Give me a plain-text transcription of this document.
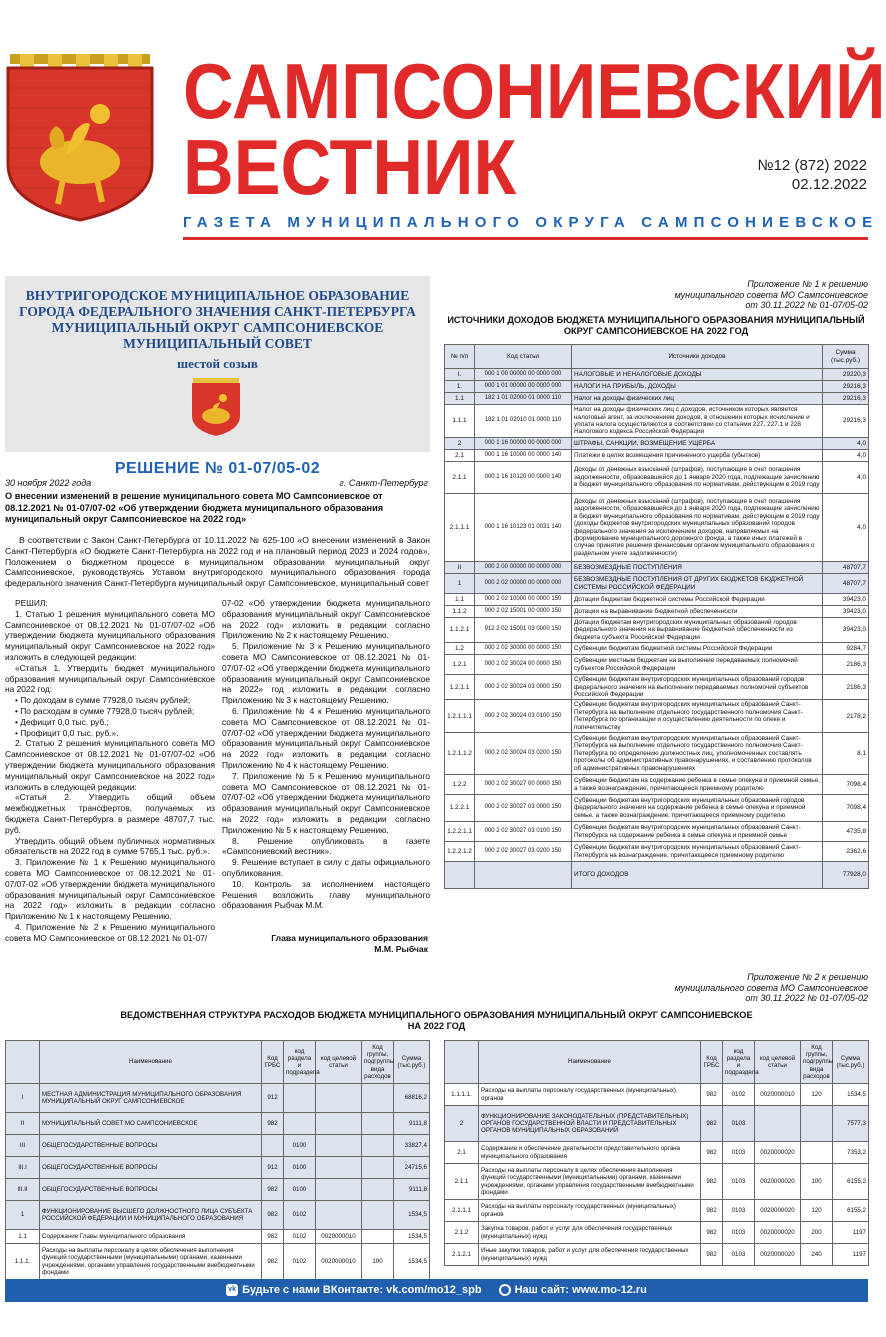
САМПСОНИЕВСКИЙ
ВЕСТНИК	№12 (872) 2022
02.12.2022
ГАЗЕТА МУНИЦИПАЛЬНОГО ОКРУГА САМПСОНИЕВСКОЕ
ВНУТРИГОРОДСКОЕ МУНИЦИПАЛЬНОЕ ОБРАЗОВАНИЕ
ГОРОДА ФЕДЕРАЛЬНОГО ЗНАЧЕНИЯ САНКТ-ПЕТЕРБУРГА
МУНИЦИПАЛЬНЫЙ ОКРУГ САМПСОНИЕВСКОЕ
МУНИЦИПАЛЬНЫЙ СОВЕТ
шестой созыв
РЕШЕНИЕ № 01-07/05-02
30 ноября 2022 года	г. Санкт-Петербург
О внесении изменений в решение муниципального совета МО Сампсониевское от 08.12.2021 № 01-07/07-02 «Об утверждении бюджета муниципального образования муниципальный округ Сампсониевское на 2022 год»
В соответствии с Закон Санкт-Петербурга от 10.11.2022 № 625-100 «О внесении изменений в Закон Санкт-Петербурга «О бюджете Санкт-Петербурга на 2022 год и на плановый период 2023 и 2024 годов», Положением о бюджетном процессе в муниципальном образовании муниципальный округ Сампсониевское, руководствуясь Уставом внутригородского муниципального образования города федерального значения Санкт-Петербурга муниципальный округ Сампсониевское, муниципальный совет
РЕШИЛ:

1. Статью 1 решения муниципального совета МО Сампсониевское от 08.12.2021 № 01-07/07-02 «Об утверждении бюджета муниципального образования муниципальный округ Сампсониевское на 2022 год» изложить в следующей редакции:

«Статья 1. Утвердить бюджет муниципального образования муниципальный округ Сампсониевское на 2022 год:

• По доходам в сумме 77928,0 тысяч рублей;
• По расходам в сумме 77928,0 тысяч рублей;
• Дефицит 0,0 тыс. руб.;
• Профицит 0,0 тыс. руб.».

2. Статью 2 решения муниципального совета МО Сампсониевское от 08.12.2021 № 01-07/07-02 «Об утверждении бюджета муниципального образования муниципальный округ Сампсониевское на 2022 год» изложить в следующей редакции:

«Статья 2. Утвердить общий объем межбюджетных трансфертов, получаемых из бюджета Санкт-Петербурга в размере 48707,7 тыс. руб.

Утвердить общий объем публичных нормативных обязательств на 2022 год в сумме 5765,1 тыс. руб.».

3. Приложение № 1 к Решению муниципального совета МО Сампсониевское от 08.12.2021 № 01-07/07-02 «Об утверждении бюджета муниципального образования муниципальный округ Сампсониевское на 2022 год» изложить в редакции согласно Приложению № 1 к настоящему Решению.

4. Приложение № 2 к Решению муниципального совета МО Сампсониевское от 08.12.2021 № 01-07/

07-02 «Об утверждении бюджета муниципального образования муниципальный округ Сампсониевское на 2022 год» изложить в редакции согласно Приложению № 2 к настоящему Решению.

5. Приложение № 3 к Решению муниципального совета МО Сампсониевское от 08.12.2021 № 01-07/07-02 «Об утверждении бюджета муниципального образования муниципальный округ Сампсониевское на 2022» год изложить в редакции согласно Приложению № 3 к настоящему Решению.

6. Приложение № 4 к Решению муниципального совета МО Сампсониевское от 08.12.2021 № 01-07/07-02 «Об утверждении бюджета муниципального образования муниципальный округ Сампсониевское на 2022 год» изложить в редакции согласно Приложению № 4 к настоящему Решению.

7. Приложение № 5 к Решению муниципального совета МО Сампсониевское от 08.12.2021 № 01-07/07-02 «Об утверждении бюджета муниципального образования муниципальный округ Сампсониевское на 2022 год» изложить в редакции согласно Приложению № 5 к настоящему Решению.

8. Решение опубликовать в газете «Сампсониевский вестник».

9. Решение вступает в силу с даты официального опубликования.

10. Контроль за исполнением настоящего Решения возложить главу муниципального образования Рыбчак М.М.

Глава муниципального образования
М.М. Рыбчак
Приложение № 1 к решению
муниципального совета МО Сампсониевское
от 30.11.2022 № 01-07/05-02
ИСТОЧНИКИ ДОХОДОВ БЮДЖЕТА МУНИЦИПАЛЬНОГО ОБРАЗОВАНИЯ МУНИЦИПАЛЬНЫЙ ОКРУГ САМПСОНИЕВСКОЕ НА 2022 ГОД
№ п/п	Код статьи	Источники доходов	Сумма (тыс.руб.)
I.	000 1 00 00000 00 0000 000	НАЛОГОВЫЕ И НЕНАЛОГОВЫЕ ДОХОДЫ	29220,3
1.	000 1 01 00000 00 0000 000	НАЛОГИ НА ПРИБЫЛЬ, ДОХОДЫ	29216,3
1.1	182 1 01 02000 01 0000 110	Налог на доходы физических лиц	29216,3
1.1.1	182 1 01 02010 01 0000 110	Налог на доходы физических лиц с доходов, источником которых является налоговый агент, за исключением доходов, в отношении которых исчисление и уплата налога осуществляются в соответствии со статьями 227, 227.1 и 228 Налогового кодекса Российской Федерации	29216,3
2	000 1 16 00000 00 0000 000	ШТРАФЫ, САНКЦИИ, ВОЗМЕЩЕНИЕ УЩЕРБА	4,0
2.1	000 1 16 10000 00 0000 140	Платежи в целях возмещения причиненного ущерба (убытков)	4,0
2.1.1	000 1 16 10120 00 0000 140	Доходы от денежных взысканий (штрафов), поступающие в счет погашения задолженности, образовавшейся до 1 января 2020 года, подлежащие зачислению в бюджет муниципального образования по нормативам, действующим в 2019 году	4,0
2.1.1.1	000 1 16 10123 01 0031 140	Доходы от денежных взысканий (штрафов), поступающие в счет погашения задолженности, образовавшейся до 1 января 2020 года, подлежащие зачислению в бюджет муниципального образования по нормативам, действующим в 2019 году (доходы бюджетов внутригородских муниципальных образований городов федерального значения за исключением доходов, направляемых на формирование муниципального дорожного фонда, а также иных платежей в случае принятия решения финансовым органом муниципального образования о раздельном учете задолженности)	4,0
II	000 2 00 00000 00 0000 000	БЕЗВОЗМЕЗДНЫЕ ПОСТУПЛЕНИЯ	48707,7
1	000 2 02 00000 00 0000 000	БЕЗВОЗМЕЗДНЫЕ ПОСТУПЛЕНИЯ ОТ ДРУГИХ БЮДЖЕТОВ БЮДЖЕТНОЙ СИСТЕМЫ РОССИЙСКОЙ ФЕДЕРАЦИИ	48707,7
1.1	000 2 02 10000 00 0000 150	Дотации бюджетам бюджетной системы Российской Федерации	39423,0
1.1.2	000 2 02 15001 00 0000 150	Дотации на выравнивание бюджетной обеспеченности	39423,0
1.1.2.1	912 2 02 15001 03 0000 150	Дотации бюджетам внутригородских муниципальных образований городов федерального значения на выравнивание бюджетной обеспеченности из бюджета субъекта Российской Федерации	39423,0
1.2	000 2 02 30000 00 0000 150	Субвенции бюджетам бюджетной системы Российской Федерации	9284,7
1.2.1	000 2 02 30024 00 0000 150	Субвенции местным бюджетам на выполнение передаваемых полномочий субъектов Российской Федерации	2186,3
1.2.1.1	000 2 02 30024 03 0000 150	Субвенции бюджетам внутригородских муниципальных образований городов федерального значения на выполнение передаваемых полномочий субъектов Российской Федерации	2186,3
1.2.1.1.1	000 2 02 30024 03 0100 150	Субвенции бюджетам внутригородских муниципальных образований Санкт-Петербурга на выполнение отдельного государственного полномочия Санкт-Петербурга по организации и осуществлению деятельности по опеке и попечительству	2178,2
1.2.1.1.2	000 2 02 30024 03 0200 150	Субвенции бюджетам внутригородских муниципальных образований Санкт-Петербурга на выполнение отдельного государственного полномочия Санкт-Петербурга по определению должностных лиц, уполномоченных составлять протоколы об административных правонарушениях, и составлению протоколов об административных правонарушениях	8,1
1.2.2	000 2 02 30027 00 0000 150	Субвенции бюджетам на содержание ребенка в семье опекуна и приемной семье, а также вознаграждение, причитающееся приемному родителю	7098,4
1.2.2.1	000 2 02 30027 03 0000 150	Субвенции бюджетам внутригородских муниципальных образований городов федерального значения на содержание ребенка в семье опекуна и приемной семье, а также вознаграждение, причитающееся приемному родителю	7098,4
1.2.2.1.1	000 2 02 30027 03 0100 150	Субвенции бюджетам внутригородских муниципальных образований Санкт-Петербурга на содержание ребенка в семье опекуна и приемной семье	4735,8
1.2.2.1.2	000 2 02 30027 03 0200 150	Субвенции бюджетам внутригородских муниципальных образований Санкт-Петербурга на вознаграждение, причитающееся приемному родителю	2362,6
		ИТОГО ДОХОДОВ	77928,0
Приложение № 2 к решению
муниципального совета МО Сампсониевское
от 30.11.2022 № 01-07/05-02
ВЕДОМСТВЕННАЯ СТРУКТУРА РАСХОДОВ БЮДЖЕТА МУНИЦИПАЛЬНОГО ОБРАЗОВАНИЯ МУНИЦИПАЛЬНЫЙ ОКРУГ САМПСОНИЕВСКОЕ
НА 2022 ГОД
	Наименование	Код ГРБС	код раздела и подраздела	код целевой статьи	Код группы, подгруппы вида расходов	Сумма (тыс.руб.)
I	МЕСТНАЯ АДМИНИСТРАЦИЯ МУНИЦИПАЛЬНОГО ОБРАЗОВАНИЯ МУНИЦИПАЛЬНЫЙ ОКРУГ САМПСОНИЕВСКОЕ	912				68816,2
II	МУНИЦИПАЛЬНЫЙ СОВЕТ МО САМПСОНИЕВСКОЕ	982				9111,8
III	ОБЩЕГОСУДАРСТВЕННЫЕ ВОПРОСЫ		0100			33827,4
III.I	ОБЩЕГОСУДАРСТВЕННЫЕ ВОПРОСЫ	912	0100			24715,6
III.II	ОБЩЕГОСУДАРСТВЕННЫЕ ВОПРОСЫ	982	0100			9111,8
1	ФУНКЦИОНИРОВАНИЕ ВЫСШЕГО ДОЛЖНОСТНОГО ЛИЦА СУБЪЕКТА РОССИЙСКОЙ ФЕДЕРАЦИИ И МУНИЦИПАЛЬНОГО ОБРАЗОВАНИЯ	982	0102			1534,5
1.1	Содержание Главы муниципального образования	982	0102	0020000010		1534,5
1.1.1.	Расходы на выплаты персоналу в целях обеспечения выполнения функций государственными (муниципальными) органами, казенными учреждениями, органами управления государственными внебюджетными фондами	982	0102	0020000010	100	1534,5
	Наименование	Код ГРБС	код раздела и подраздела	код целевой статьи	Код группы, подгруппы вида расходов	Сумма (тыс.руб.)
1.1.1.1.	Расходы на выплаты персоналу государственных (муниципальных) органов	982	0102	0020000010	120	1534,5
2	ФУНКЦИОНИРОВАНИЕ ЗАКОНОДАТЕЛЬНЫХ (ПРЕДСТАВИТЕЛЬНЫХ) ОРГАНОВ ГОСУДАРСТВЕННОЙ ВЛАСТИ И ПРЕДСТАВИТЕЛЬНЫХ ОРГАНОВ МУНИЦИПАЛЬНЫХ ОБРАЗОВАНИЙ	982	0103			7577,3
2.1	Содержание и обеспечение деятельности представительного органа муниципального образования	982	0103	0020000020		7353,2
2.1.1	Расходы на выплаты персоналу в целях обеспечения выполнения функций государственными (муниципальными) органами, казенными учреждениями, органами управления государственными внебюджетными фондами	982	0103	0020000020	100	6155,2
2.1.1.1	Расходы на выплаты персоналу государственных (муниципальных) органов	982	0103	0020000020	120	6155,2
2.1.2	Закупка товаров, работ и услуг для обеспечения государственных (муниципальных) нужд	982	0103	0020000020	200	1197
2.1.2.1	Иные закупки товаров, работ и услуг для обеспечения государственных (муниципальных) нужд	982	0103	0020000020	240	1197
vk Будьте с нами ВКонтакте: vk.com/mo12_spb	Наш сайт: www.mo-12.ru
